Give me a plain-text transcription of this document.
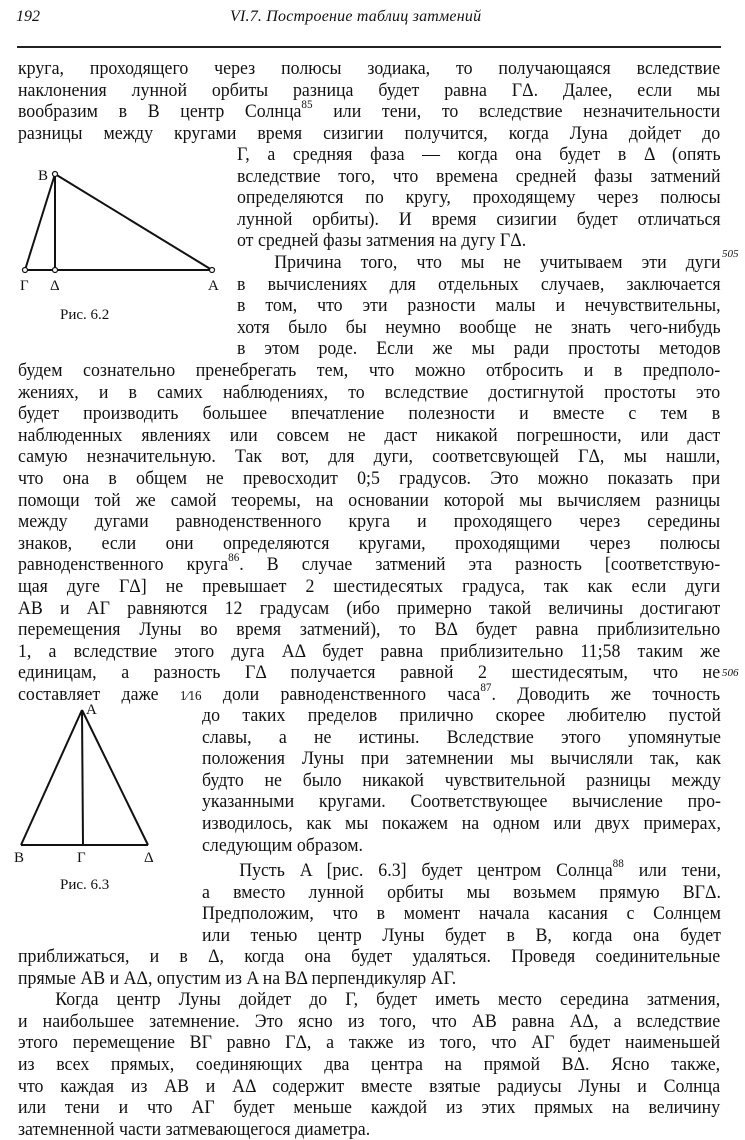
192	VI.7. Построение таблиц затмений
круга, проходящего через полюсы зодиака, то получающаяся вследствие
наклонения лунной орбиты разница будет равна ГΔ. Далее, если мы
вообразим в B центр Солнца$^{85}$ или тени, то вследствие незначительности
разницы между кругами время сизигии получится, когда Луна дойдет до
Г, а средняя фаза — когда она будет в Δ (опять
вследствие того, что времена средней фазы затмений
определяются по кругу, проходящему через полюсы
лунной орбиты). И время сизигии будет отличаться
от средней фазы затмения на дугу ГΔ.
Причина того, что мы не учитываем эти дуги
в вычислениях для отдельных случаев, заключается
в том, что эти разности малы и нечувствительны,
хотя было бы неумно вообще не знать чего-нибудь
в этом роде. Если же мы ради простоты методов
будем сознательно пренебрегать тем, что можно отбросить и в предполо-
жениях, и в самих наблюдениях, то вследствие достигнутой простоты это
будет производить большее впечатление полезности и вместе с тем в
наблюденных явлениях или совсем не даст никакой погрешности, или даст
самую незначительную. Так вот, для дуги, соответсвующей ГΔ, мы нашли,
что она в общем не превосходит 0;5 градусов. Это можно показать при
помощи той же самой теоремы, на основании которой мы вычисляем разницы
между дугами равноденственного круга и проходящего через середины
знаков, если они определяются кругами, проходящими через полюсы
равноденственного круга$^{86}$. В случае затмений эта разность [соответствую-
щая дуге ГΔ] не превышает 2 шестидесятых градуса, так как если дуги
AB и AГ равняются 12 градусам (ибо примерно такой величины достигают
перемещения Луны во время затмений), то BΔ будет равна приблизительно
1, а вследствие этого дуга AΔ будет равна приблизительно 11;58 таким же
единицам, а разность ГΔ получается равной 2 шестидесятым, что не
составляет даже 1⁄16 доли равноденственного часа$^{87}$. Доводить же точность
до таких пределов прилично скорее любителю пустой
славы, а не истины. Вследствие этого упомянутые
положения Луны при затемнении мы вычисляли так, как
будто не было никакой чувствительной разницы между
указанными кругами. Соответствующее вычисление про-
изводилось, как мы покажем на одном или двух примерах,
следующим образом.
Пусть A [рис. 6.3] будет центром Солнца$^{88}$ или тени,
а вместо лунной орбиты мы возьмем прямую BГΔ.
Предположим, что в момент начала касания с Солнцем
или тенью центр Луны будет в B, когда она будет
приближаться, и в Δ, когда она будет удаляться. Проведя соединительные
прямые AB и AΔ, опустим из A на BΔ перпендикуляр AГ.
Когда центр Луны дойдет до Г, будет иметь место середина затмения,
и наибольшее затемнение. Это ясно из того, что AB равна AΔ, а вследствие
этого перемещение BГ равно ГΔ, а также из того, что AГ будет наименьшей
из всех прямых, соединяющих два центра на прямой BΔ. Ясно также,
что каждая из AB и AΔ содержит вместе взятые радиусы Луны и Солнца
или тени и что AГ будет меньше каждой из этих прямых на величину
затемненной части затмевающегося диаметра.
505
506
B
Г Δ	A
Рис. 6.2
A
B	Г	Δ
Рис. 6.3
